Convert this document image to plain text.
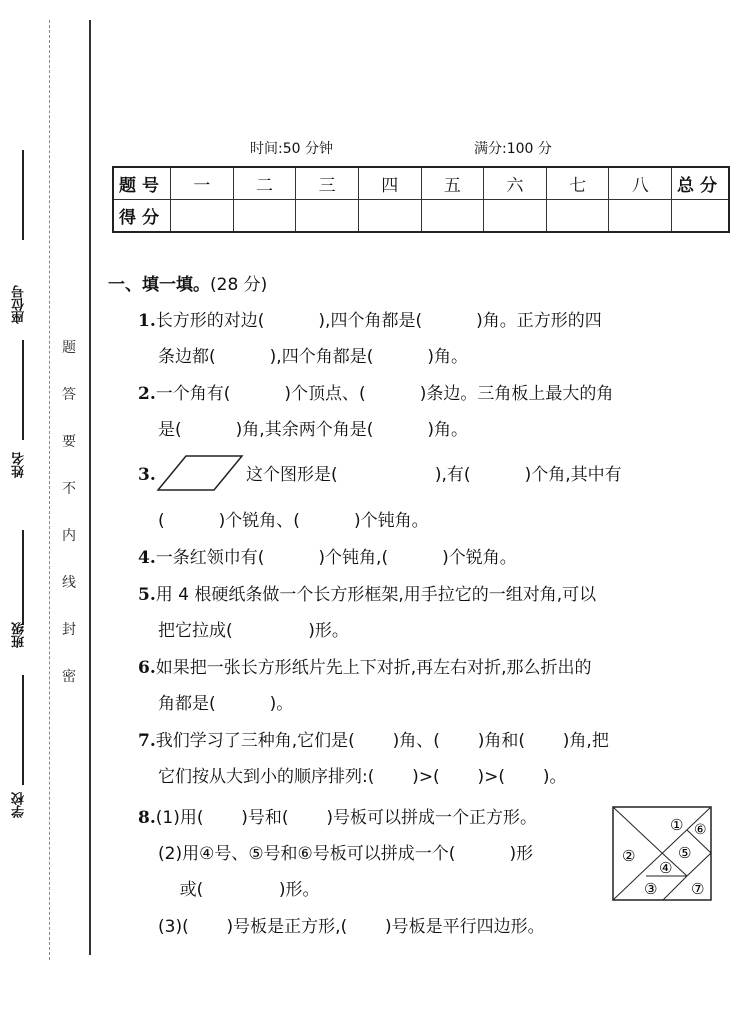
座位号
姓名
班级
学校
题
答
要
不
内
线
封
密
时间:50 分钟	满分:100 分
题号	一	二	三	四	五	六	七	八	总分
得分									
一、填一填。(28 分)
1.长方形的对边(          ),四个角都是(          )角。正方形的四
条边都(          ),四个角都是(          )角。
2.一个角有(          )个顶点、(          )条边。三角板上最大的角
是(          )角,其余两个角是(          )角。
3.	这个图形是(                  ),有(          )个角,其中有
(          )个锐角、(          )个钝角。
4.一条红领巾有(          )个钝角,(          )个锐角。
5.用 4 根硬纸条做一个长方形框架,用手拉它的一组对角,可以
把它拉成(              )形。
6.如果把一张长方形纸片先上下对折,再左右对折,那么折出的
角都是(          )。
7.我们学习了三种角,它们是(       )角、(       )角和(       )角,把
它们按从大到小的顺序排列:(       )>(       )>(       )。
8.(1)用(       )号和(       )号板可以拼成一个正方形。
(2)用④号、⑤号和⑥号板可以拼成一个(          )形
或(              )形。
(3)(       )号板是正方形,(       )号板是平行四边形。
①
②
③
④
⑤
⑥
⑦
